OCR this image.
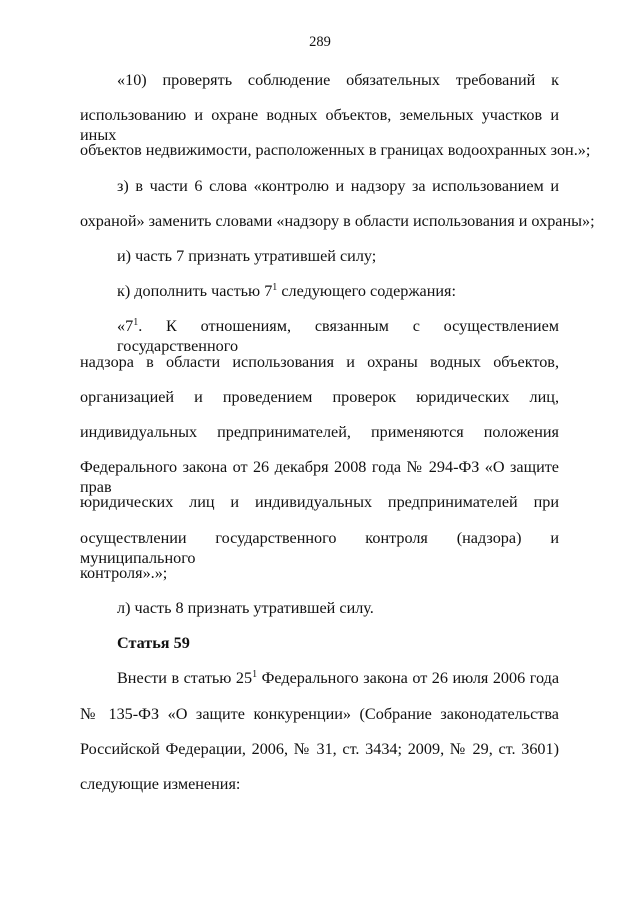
289
«10) проверять соблюдение обязательных требований к
использованию и охране водных объектов, земельных участков и иных
объектов недвижимости, расположенных в границах водоохранных зон.»;
з) в части 6 слова «контролю и надзору за использованием и
охраной» заменить словами «надзору в области использования и охраны»;
и) часть 7 признать утратившей силу;
к) дополнить частью $7^1$ следующего содержания:
«$7^1$. К отношениям, связанным с осуществлением государственного
надзора в области использования и охраны водных объектов,
организацией и проведением проверок юридических лиц,
индивидуальных предпринимателей, применяются положения
Федерального закона от 26 декабря 2008 года № 294-ФЗ «О защите прав
юридических лиц и индивидуальных предпринимателей при
осуществлении государственного контроля (надзора) и муниципального
контроля».»;
л) часть 8 признать утратившей силу.
Статья 59
Внести в статью $25^1$ Федерального закона от 26 июля 2006 года
№ 135-ФЗ «О защите конкуренции» (Собрание законодательства
Российской Федерации, 2006, № 31, ст. 3434; 2009, № 29, ст. 3601)
следующие изменения:
